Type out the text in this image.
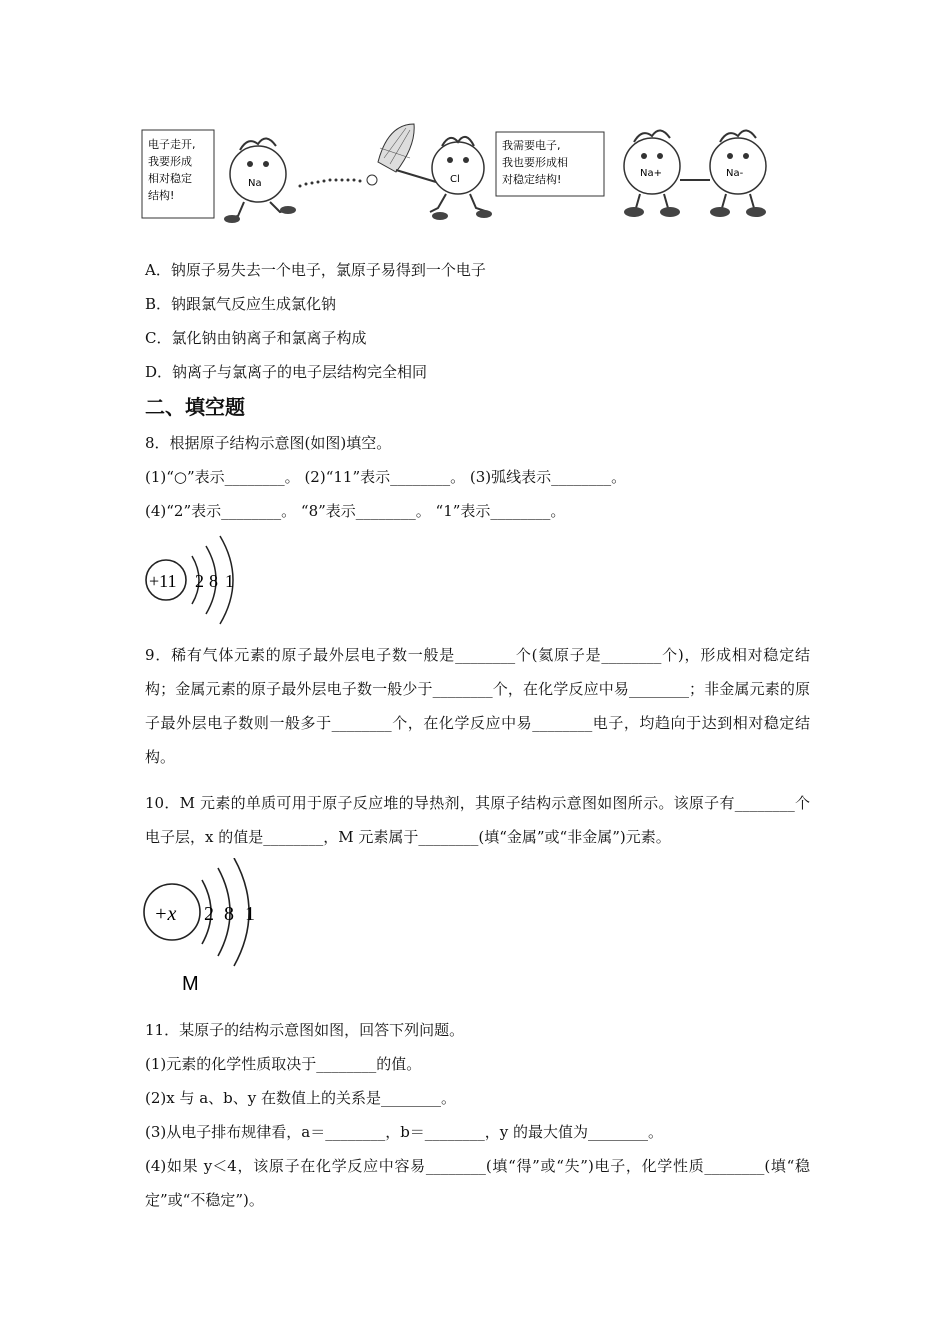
电子走开,
我要形成
相对稳定
结构!
Na	Cl
我需要电子,
我也要形成相
对稳定结构!	Na+	Na-
A．钠原子易失去一个电子，氯原子易得到一个电子
B．钠跟氯气反应生成氯化钠
C．氯化钠由钠离子和氯离子构成
D．钠离子与氯离子的电子层结构完全相同
二、填空题
8．根据原子结构示意图(如图)填空。
(1)“○”表示________。 (2)“11”表示________。 (3)弧线表示________。
(4)“2”表示________。 “8”表示________。 “1”表示________。
+11 2 8 1
9．稀有气体元素的原子最外层电子数一般是________个(氦原子是________个)，形成相对稳定结构；金属元素的原子最外层电子数一般少于________个，在化学反应中易________；非金属元素的原子最外层电子数则一般多于________个，在化学反应中易________电子，均趋向于达到相对稳定结构。
10．M 元素的单质可用于原子反应堆的导热剂，其原子结构示意图如图所示。该原子有________个电子层，x 的值是________，M 元素属于________(填“金属”或“非金属”)元素。
+x 2 8 1
M
11．某原子的结构示意图如图，回答下列问题。
(1)元素的化学性质取决于________的值。
(2)x 与 a、b、y 在数值上的关系是________。
(3)从电子排布规律看，a＝________，b＝________，y 的最大值为________。
(4)如果 y＜4，该原子在化学反应中容易________(填“得”或“失”)电子，化学性质________(填“稳定”或“不稳定”)。
